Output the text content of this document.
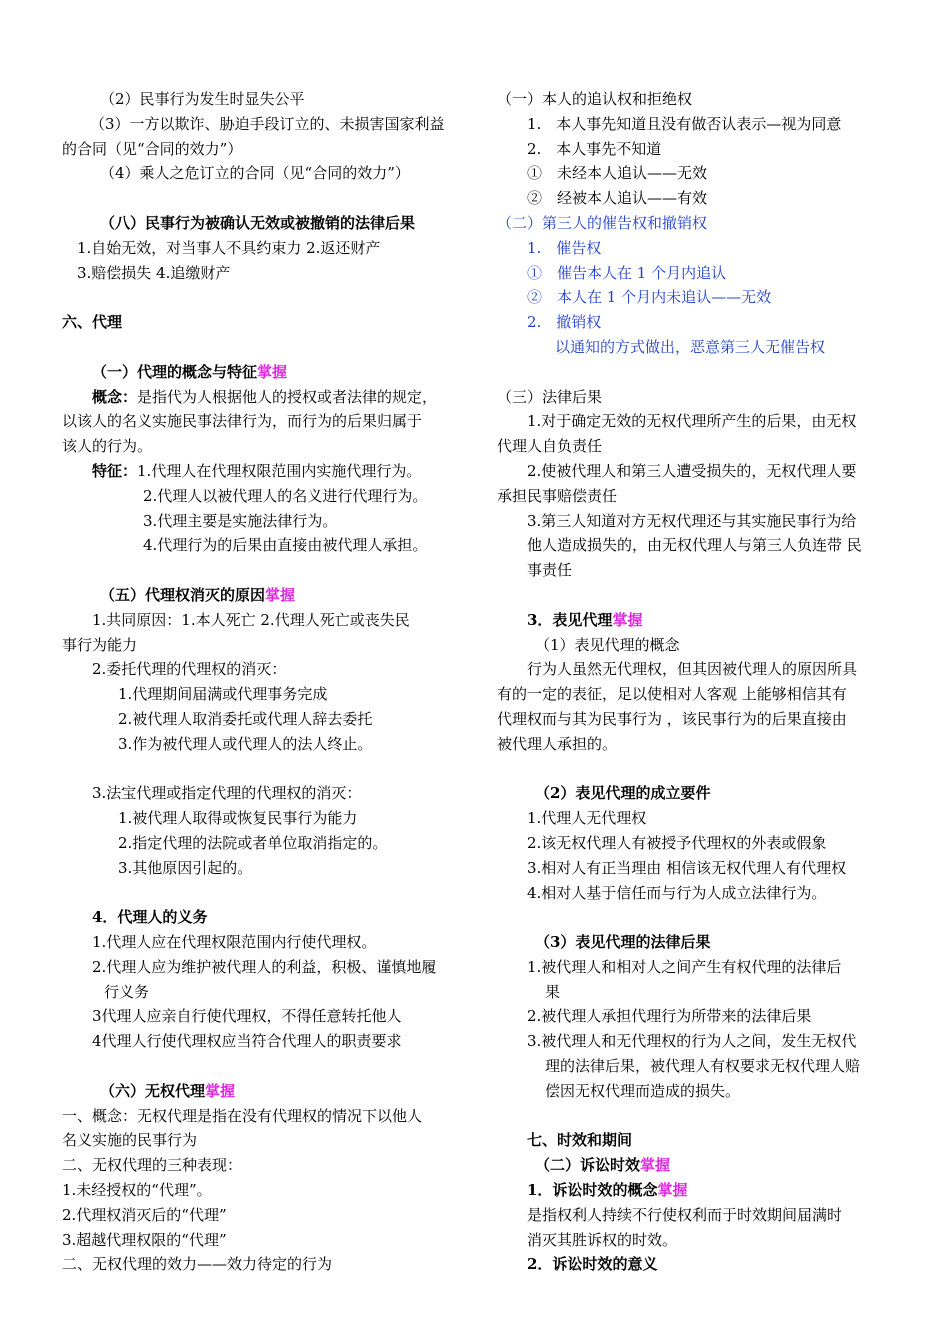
（2）民事行为发生时显失公平
（3）一方以欺诈、胁迫手段订立的、未损害国家利益
的合同（见“合同的效力”）
（4）乘人之危订立的合同（见“合同的效力”）
（八）民事行为被确认无效或被撤销的法律后果
1.自始无效，对当事人不具约束力 2.返还财产
3.赔偿损失 4.追缴财产
六、代理
（一）代理的概念与特征掌握
概念：是指代为人根据他人的授权或者法律的规定，
以该人的名义实施民事法律行为，而行为的后果归属于
该人的行为。
特征：1.代理人在代理权限范围内实施代理行为。
2.代理人以被代理人的名义进行代理行为。
3.代理主要是实施法律行为。
4.代理行为的后果由直接由被代理人承担。
（五）代理权消灭的原因掌握
1.共同原因：1.本人死亡 2.代理人死亡或丧失民
事行为能力
2.委托代理的代理权的消灭：
1.代理期间届满或代理事务完成
2.被代理人取消委托或代理人辞去委托
3.作为被代理人或代理人的法人终止。
3.法宝代理或指定代理的代理权的消灭：
1.被代理人取得或恢复民事行为能力
2.指定代理的法院或者单位取消指定的。
3.其他原因引起的。
4．代理人的义务
1.代理人应在代理权限范围内行使代理权。
2.代理人应为维护被代理人的利益，积极、谨慎地履
行义务
3代理人应亲自行使代理权，不得任意转托他人
4代理人行使代理权应当符合代理人的职责要求
（六）无权代理掌握
一、概念：无权代理是指在没有代理权的情况下以他人
名义实施的民事行为
二、无权代理的三种表现：
1.未经授权的“代理”。
2.代理权消灭后的“代理”
3.超越代理权限的“代理”
二、无权代理的效力——效力待定的行为
（一）本人的追认权和拒绝权
1.　本人事先知道且没有做否认表示—视为同意
2.　本人事先不知道
①　未经本人追认——无效
②　经被本人追认——有效
（二）第三人的催告权和撤销权
1.　催告权
①　催告本人在 1 个月内追认
②　本人在 1 个月内未追认——无效
2.　撤销权
以通知的方式做出，恶意第三人无催告权
（三）法律后果
1.对于确定无效的无权代理所产生的后果，由无权
代理人自负责任
2.使被代理人和第三人遭受损失的，无权代理人要
承担民事赔偿责任
3.第三人知道对方无权代理还与其实施民事行为给
他人造成损失的，由无权代理人与第三人负连带 民
事责任
3．表见代理掌握
（1）表见代理的概念
行为人虽然无代理权，但其因被代理人的原因所具
有的一定的表征，足以使相对人客观 上能够相信其有
代理权而与其为民事行为 ，该民事行为的后果直接由
被代理人承担的。
（2）表见代理的成立要件
1.代理人无代理权
2.该无权代理人有被授予代理权的外表或假象
3.相对人有正当理由 相信该无权代理人有代理权
4.相对人基于信任而与行为人成立法律行为。
（3）表见代理的法律后果
1.被代理人和相对人之间产生有权代理的法律后
果
2.被代理人承担代理行为所带来的法律后果
3.被代理人和无代理权的行为人之间，发生无权代
理的法律后果，被代理人有权要求无权代理人赔
偿因无权代理而造成的损失。
七、时效和期间
（二）诉讼时效掌握
1．诉讼时效的概念掌握
是指权利人持续不行使权利而于时效期间届满时
消灭其胜诉权的时效。
2．诉讼时效的意义
